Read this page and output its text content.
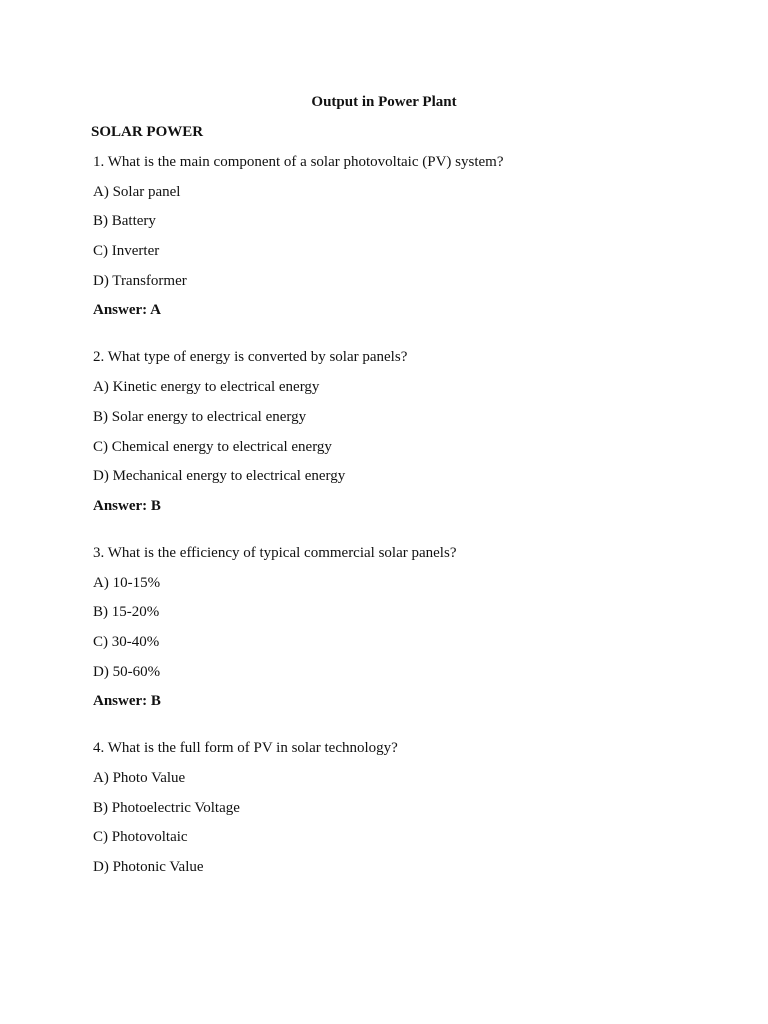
Output in Power Plant
SOLAR POWER
1. What is the main component of a solar photovoltaic (PV) system?
A) Solar panel
B) Battery
C) Inverter
D) Transformer
Answer: A
2. What type of energy is converted by solar panels?
A) Kinetic energy to electrical energy
B) Solar energy to electrical energy
C) Chemical energy to electrical energy
D) Mechanical energy to electrical energy
Answer: B
3. What is the efficiency of typical commercial solar panels?
A) 10-15%
B) 15-20%
C) 30-40%
D) 50-60%
Answer: B
4. What is the full form of PV in solar technology?
A) Photo Value
B) Photoelectric Voltage
C) Photovoltaic
D) Photonic Value
